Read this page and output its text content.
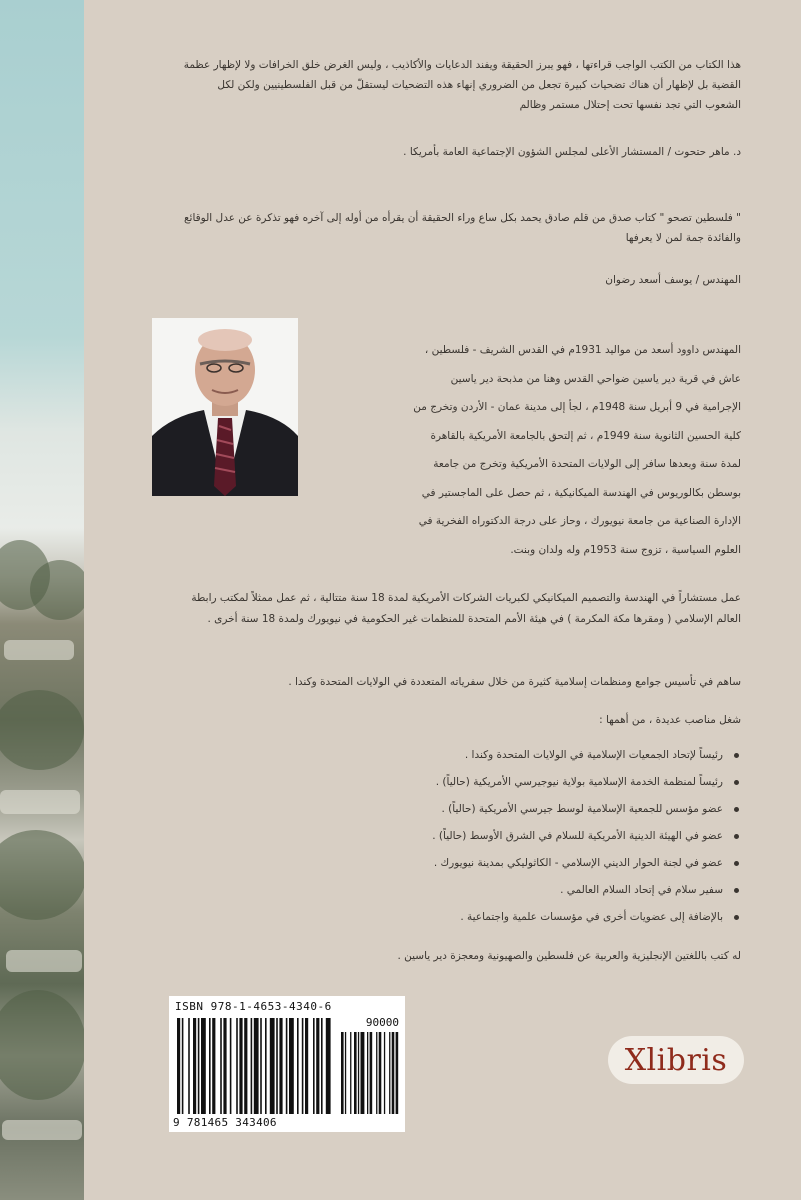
هذا الكتاب من الكتب الواجب قراءتها ، فهو يبرز الحقيقة ويفند الدعايات والأكاذيب ، وليس الغرض خلق الخرافات ولا لإظهار عظمة القضية بل لإظهار أن هناك تضحيات كبيرة تجعل من الضروري إنهاء هذه التضحيات ليستقلّ من قبل الفلسطينيين ولكن لكل الشعوب التي تجد نفسها تحت إحتلال مستمر وظالم
د. ماهر حتحوت / المستشار الأعلى لمجلس الشؤون الإجتماعية العامة بأمريكا .
" فلسطين تصحو " كتاب صدق من قلم صادق يحمد بكل ساع وراء الحقيقة أن يقرأه من أوله إلى آخره فهو تذكرة عن عدل الوقائع والفائدة جمة لمن لا يعرفها
المهندس / يوسف أسعد رضوان
المهندس داوود أسعد من مواليد 1931م في القدس الشريف - فلسطين ، عاش في قرية دير ياسين ضواحي القدس وهنا من مذبحة دير ياسين الإجرامية في 9 أبريل سنة 1948م ، لجأ إلى مدينة عمان - الأردن وتخرج من كلية الحسين الثانوية سنة 1949م ، ثم إلتحق بالجامعة الأمريكية بالقاهرة لمدة سنة وبعدها سافر إلى الولايات المتحدة الأمريكية وتخرج من جامعة بوسطن بكالوريوس في الهندسة الميكانيكية ، ثم حصل على الماجستير في الإدارة الصناعية من جامعة نيويورك ، وحاز على درجة الدكتوراه الفخرية في العلوم السياسية ، تزوج سنة 1953م وله ولدان وبنت.
عمل مستشاراً في الهندسة والتصميم الميكانيكي لكبريات الشركات الأمريكية لمدة 18 سنة متتالية ، ثم عمل ممثلاً لمكتب رابطة العالم الإسلامي ( ومقرها مكة المكرمة ) في هيئة الأمم المتحدة للمنظمات غير الحكومية في نيويورك ولمدة 18 سنة أخرى .
ساهم في تأسيس جوامع ومنظمات إسلامية كثيرة من خلال سفرياته المتعددة في الولايات المتحدة وكندا .
شغل مناصب عديدة ، من أهمها :
رئيساً لإتحاد الجمعيات الإسلامية في الولايات المتحدة وكندا .
رئيساً لمنظمة الخدمة الإسلامية بولاية نيوجيرسي الأمريكية (حالياً) .
عضو مؤسس للجمعية الإسلامية لوسط جيرسي الأمريكية (حالياً) .
عضو في الهيئة الدينية الأمريكية للسلام في الشرق الأوسط (حالياً) .
عضو في لجنة الحوار الديني الإسلامي - الكاثوليكي بمدينة نيويورك .
سفير سلام في إتحاد السلام العالمي .
بالإضافة إلى عضويات أخرى في مؤسسات علمية واجتماعية .
له كتب باللغتين الإنجليزية والعربية عن فلسطين والصهيونية ومعجزة دير ياسين .
ISBN 978-1-4653-4340-6
90000
9 781465 343406
Xlibris
